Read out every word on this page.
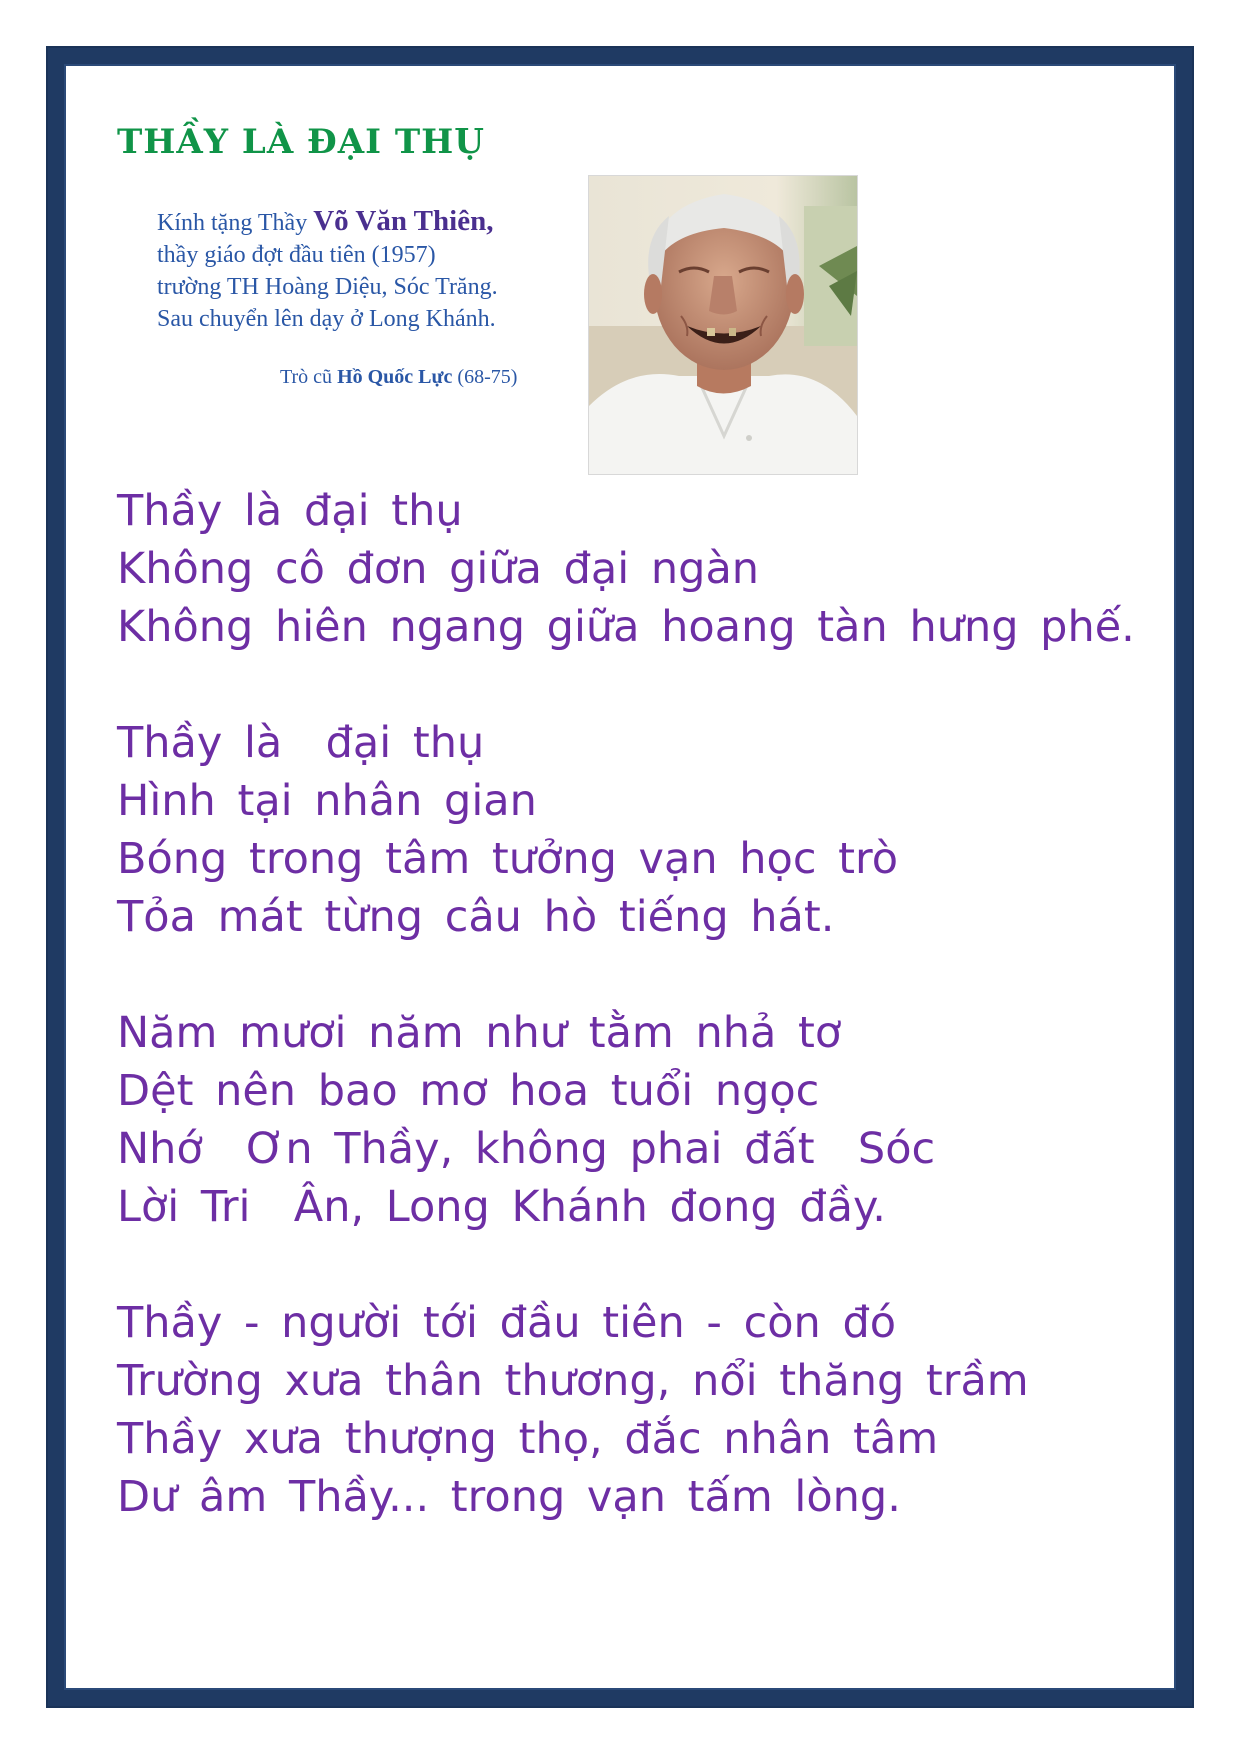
THẦY LÀ ĐẠI THỤ
Kính tặng Thầy Võ Văn Thiên,
thầy giáo đợt đầu tiên (1957)
trường TH Hoàng Diệu, Sóc Trăng.
Sau chuyển lên dạy ở Long Khánh.
Trò cũ Hồ Quốc Lực (68-75)
Thầy là đại thụ
Không cô đơn giữa đại ngàn
Không hiên ngang giữa hoang tàn hưng phế.
Thầy là  đại thụ
Hình tại nhân gian
Bóng trong tâm tưởng vạn học trò
Tỏa mát từng câu hò tiếng hát.
Năm mươi năm như tằm nhả tơ
Dệt nên bao mơ hoa tuổi ngọc
Nhớ  Ơn Thầy, không phai đất  Sóc
Lời Tri  Ân, Long Khánh đong đầy.
Thầy - người tới đầu tiên - còn đó
Trường xưa thân thương, nổi thăng trầm
Thầy xưa thượng thọ, đắc nhân tâm
Dư âm Thầy... trong vạn tấm lòng.
